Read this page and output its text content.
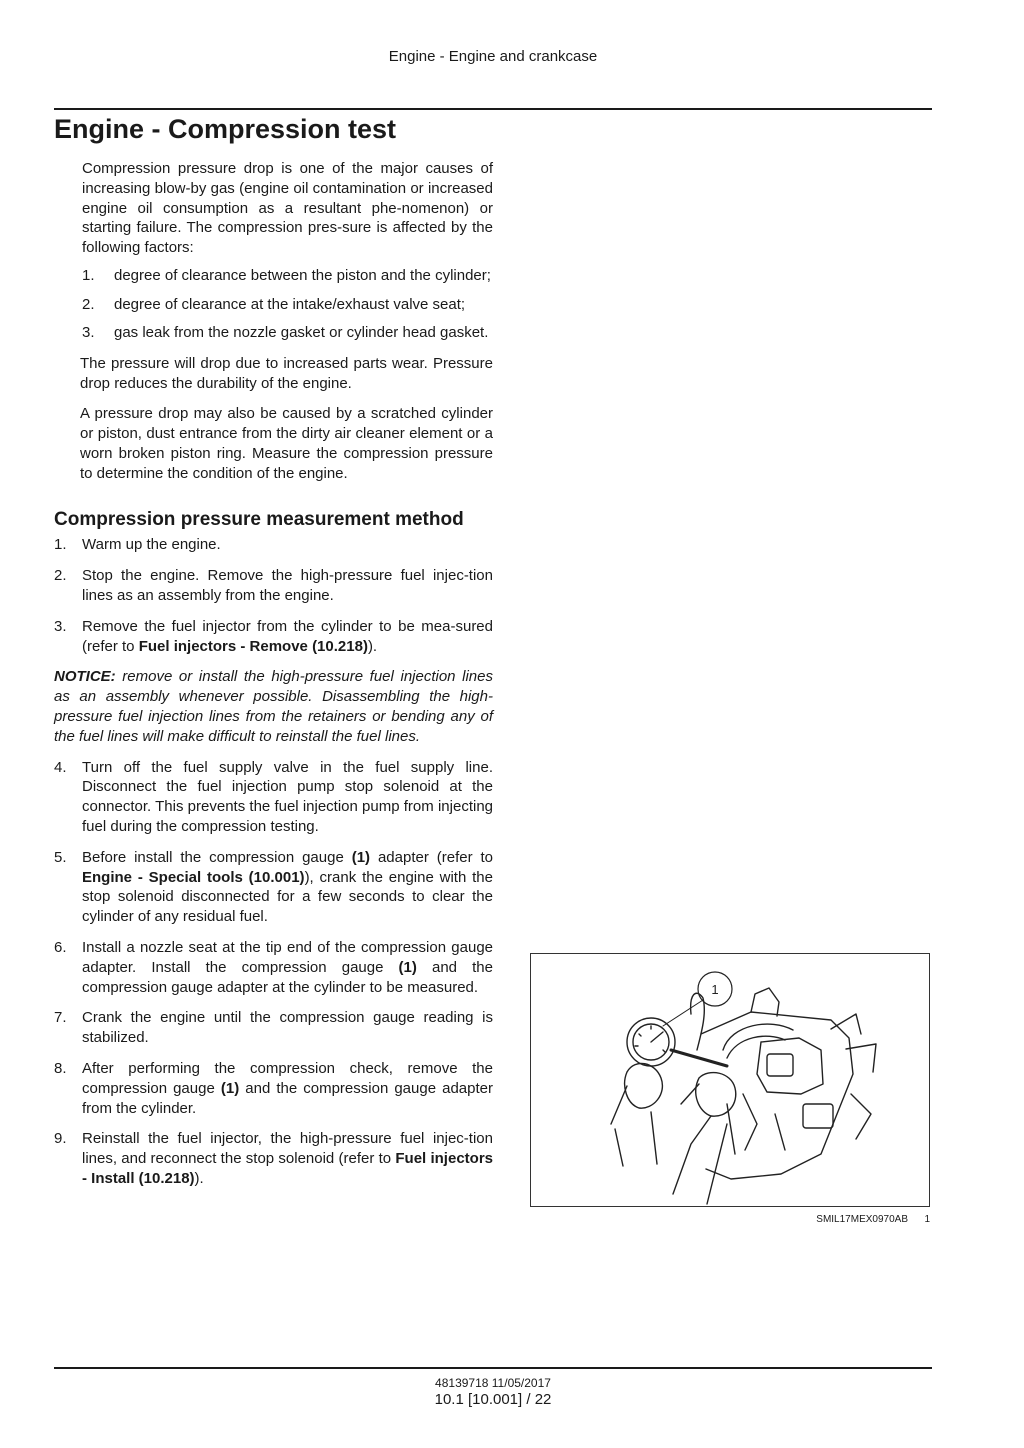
Engine - Engine and crankcase
Engine - Compression test

Compression pressure drop is one of the major causes of increasing blow-by gas (engine oil contamination or increased engine oil consumption as a resultant phe-nomenon) or starting failure. The compression pres-sure is affected by the following factors:

1. degree of clearance between the piston and the cylinder;
2. degree of clearance at the intake/exhaust valve seat;
3. gas leak from the nozzle gasket or cylinder head gasket.

The pressure will drop due to increased parts wear. Pressure drop reduces the durability of the engine.

A pressure drop may also be caused by a scratched cylinder or piston, dust entrance from the dirty air cleaner element or a worn broken piston ring. Measure the compression pressure to determine the condition of the engine.

Compression pressure measurement method
1. Warm up the engine.
2. Stop the engine. Remove the high-pressure fuel injec-tion lines as an assembly from the engine.
3. Remove the fuel injector from the cylinder to be mea-sured (refer to Fuel injectors - Remove (10.218)).

NOTICE: remove or install the high-pressure fuel injection lines as an assembly whenever possible. Disassembling the high-pressure fuel injection lines from the retainers or bending any of the fuel lines will make difficult to reinstall the fuel lines.

4. Turn off the fuel supply valve in the fuel supply line. Disconnect the fuel injection pump stop solenoid at the connector. This prevents the fuel injection pump from injecting fuel during the compression testing.
5. Before install the compression gauge (1) adapter (refer to Engine - Special tools (10.001)), crank the engine with the stop solenoid disconnected for a few seconds to clear the cylinder of any residual fuel.
6. Install a nozzle seat at the tip end of the compression gauge adapter. Install the compression gauge (1) and the compression gauge adapter at the cylinder to be measured.
7. Crank the engine until the compression gauge reading is stabilized.
8. After performing the compression check, remove the compression gauge (1) and the compression gauge adapter from the cylinder.
9. Reinstall the fuel injector, the high-pressure fuel injec-tion lines, and reconnect the stop solenoid (refer to Fuel injectors - Install (10.218)).
1
SMIL17MEX0970AB 1
48139718 11/05/2017
10.1 [10.001] / 22
